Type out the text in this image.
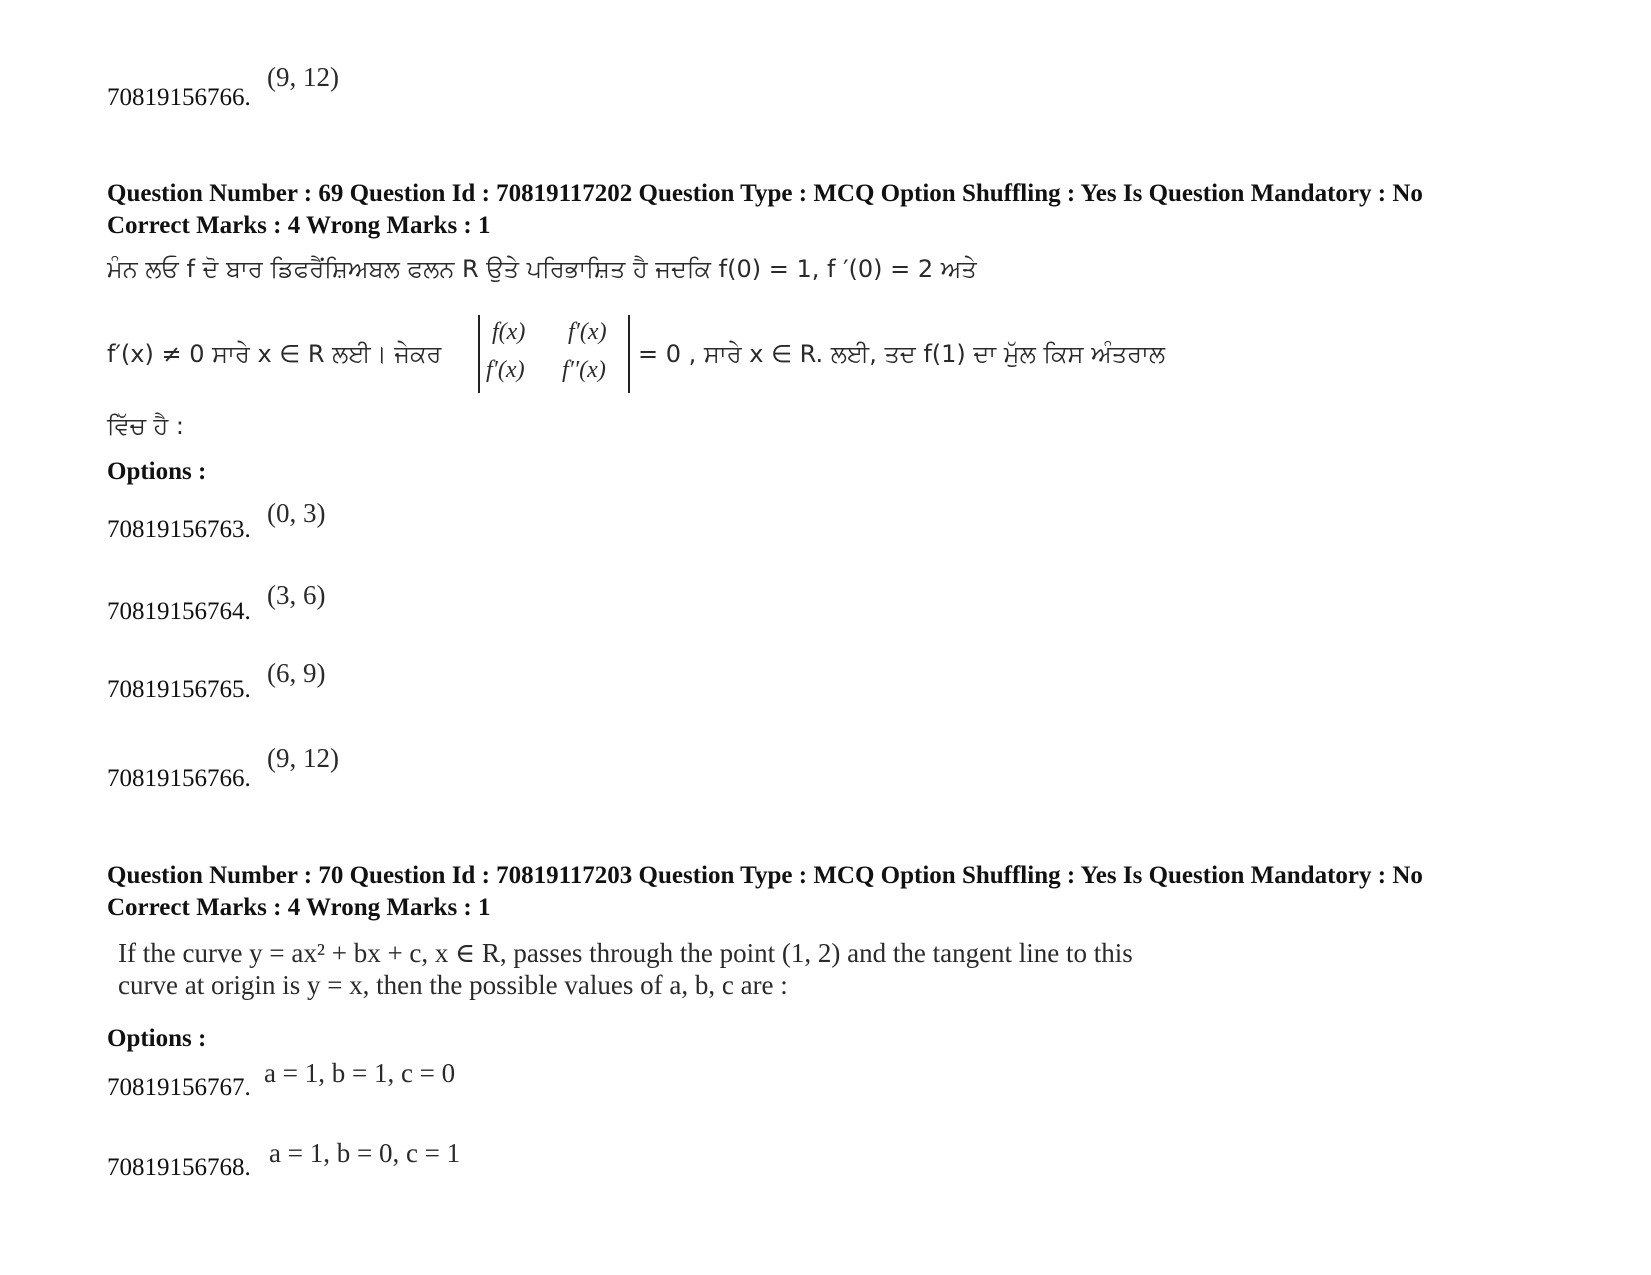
70819156766.
(9, 12)
Question Number : 69 Question Id : 70819117202 Question Type : MCQ Option Shuffling : Yes Is Question Mandatory : No
Correct Marks : 4 Wrong Marks : 1
ਮੰਨ ਲਓ f ਦੋ ਬਾਰ ਡਿਫਰੈਂਸ਼ਿਅਬਲ ਫਲਨ R ਉਤੇ ਪਰਿਭਾਸ਼ਿਤ ਹੈ ਜਦਕਿ f(0) = 1, f ′(0) = 2 ਅਤੇ
f′(x) ≠ 0 ਸਾਰੇ x ∈ R ਲਈ। ਜੇਕਰ
f(x) f′(x)
f′(x) f′′(x)
= 0 , ਸਾਰੇ x ∈ R. ਲਈ, ਤਦ f(1) ਦਾ ਮੁੱਲ ਕਿਸ ਅੰਤਰਾਲ
ਵਿੱਚ ਹੈ :
Options :
70819156763.
(0, 3)
70819156764.
(3, 6)
70819156765.
(6, 9)
70819156766.
(9, 12)
Question Number : 70 Question Id : 70819117203 Question Type : MCQ Option Shuffling : Yes Is Question Mandatory : No
Correct Marks : 4 Wrong Marks : 1
If the curve y = ax² + bx + c, x ∈ R, passes through the point (1, 2) and the tangent line to this
curve at origin is y = x, then the possible values of a, b, c are :
Options :
70819156767. a = 1, b = 1, c = 0
70819156768. a = 1, b = 0, c = 1
